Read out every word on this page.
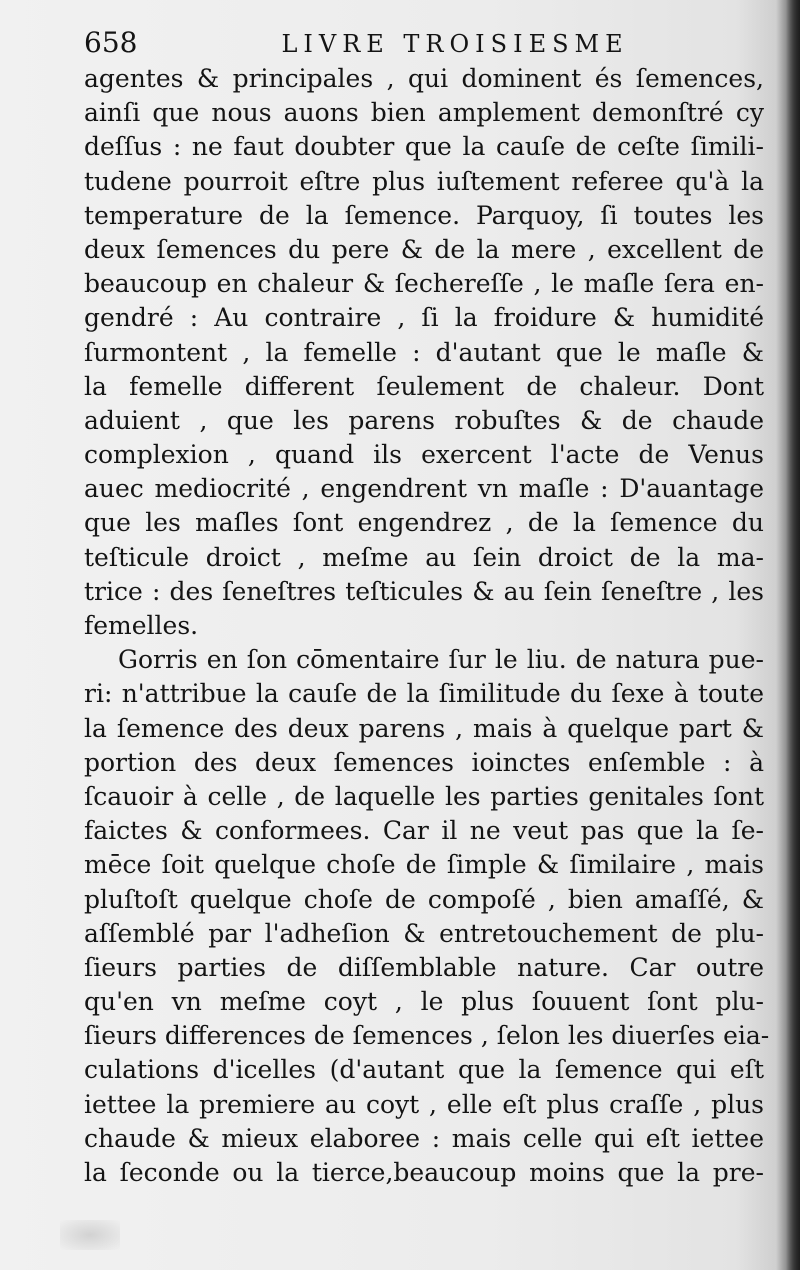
658	LIVRE TROISIESME
agentes & principales , qui dominent és ſemences,
ainſi que nous auons bien amplement demonſtré cy
deſſus : ne faut doubter que la cauſe de ceſte ſimili-
tudene pourroit eſtre plus iuſtement referee qu'à la
temperature de la ſemence. Parquoy, ſi toutes les
deux ſemences du pere & de la mere , excellent de
beaucoup en chaleur & ſechereſſe , le maſle ſera en-
gendré : Au contraire , ſi la froidure & humidité
ſurmontent , la femelle : d'autant que le maſle &
la femelle different ſeulement de chaleur. Dont
aduient , que les parens robuſtes & de chaude
complexion , quand ils exercent l'acte de Venus
auec mediocrité , engendrent vn maſle : D'auantage
que les maſles ſont engendrez , de la ſemence du
teſticule droict , meſme au ſein droict de la ma-
trice : des ſeneſtres teſticules & au ſein ſeneſtre , les
femelles.
Gorris en ſon cōmentaire ſur le liu. de natura pue-
ri: n'attribue la cauſe de la ſimilitude du ſexe à toute
la ſemence des deux parens , mais à quelque part &
portion des deux ſemences ioinctes enſemble : à
ſcauoir à celle , de laquelle les parties genitales ſont
faictes & conformees. Car il ne veut pas que la ſe-
mēce ſoit quelque choſe de ſimple & ſimilaire , mais
pluſtoſt quelque choſe de compoſé , bien amaſſé, &
aſſemblé par l'adheſion & entretouchement de plu-
ſieurs parties de diſſemblable nature. Car outre
qu'en vn meſme coyt , le plus ſouuent ſont plu-
ſieurs differences de ſemences , ſelon les diuerſes eia-
culations d'icelles (d'autant que la ſemence qui eſt
iettee la premiere au coyt , elle eſt plus craſſe , plus
chaude & mieux elaboree : mais celle qui eſt iettee
la ſeconde ou la tierce,beaucoup moins que la pre-
